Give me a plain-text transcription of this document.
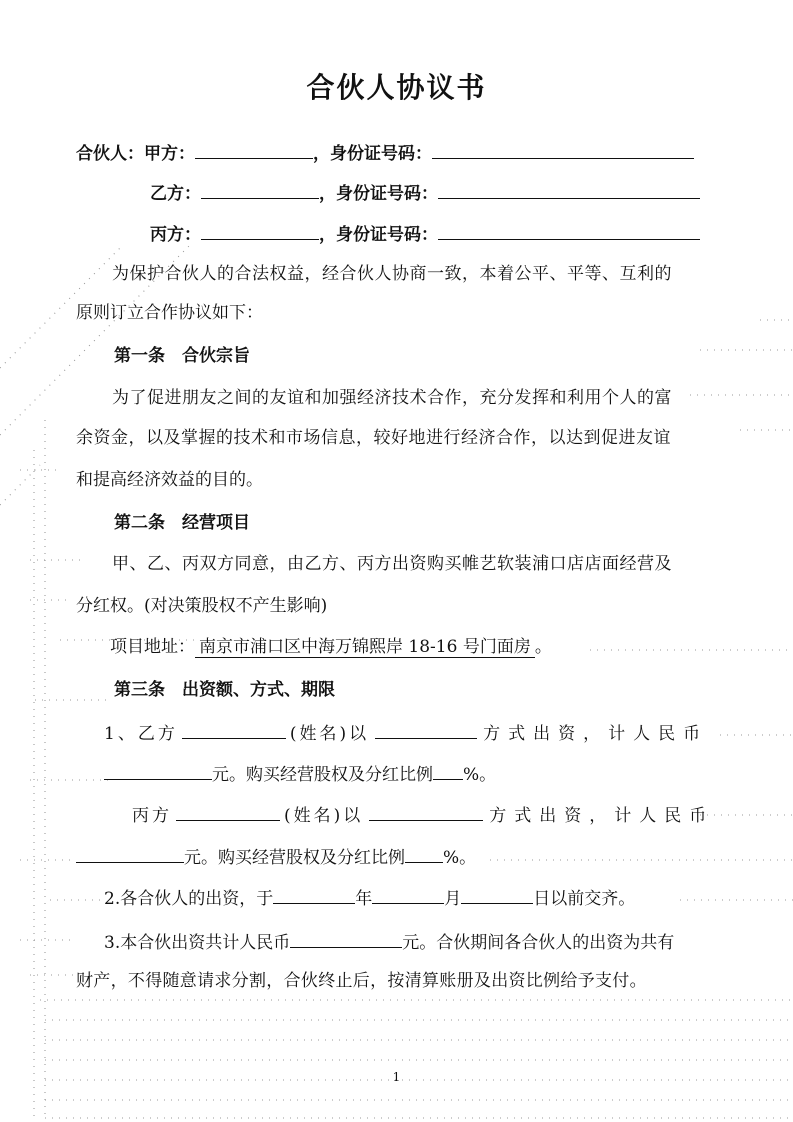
合伙人协议书
合伙人：甲方：	，身份证号码：
乙方：	，身份证号码：
丙方：	，身份证号码：
为保护合伙人的合法权益，经合伙人协商一致，本着公平、平等、互利的
原则订立合作协议如下：
第一条　合伙宗旨
为了促进朋友之间的友谊和加强经济技术合作，充分发挥和利用个人的富
余资金，以及掌握的技术和市场信息，较好地进行经济合作，以达到促进友谊
和提高经济效益的目的。
第二条　经营项目
甲、乙、丙双方同意，由乙方、丙方出资购买帷艺软装浦口店店面经营及
分红权。(对决策股权不产生影响)
项目地址： 南京市浦口区中海万锦熙岸 18-16 号门面房 。
第三条　出资额、方式、期限
1、乙方	(姓名)以	方式出资，计人民币
元。购买经营股权及分红比例 %。
丙方	(姓名)以	方式出资，计人民币
元。购买经营股权及分红比例 %。
2.各合伙人的出资，于	年	月	日以前交齐。
3.本合伙出资共计人民币	元。合伙期间各合伙人的出资为共有
财产，不得随意请求分割，合伙终止后，按清算账册及出资比例给予支付。
1
